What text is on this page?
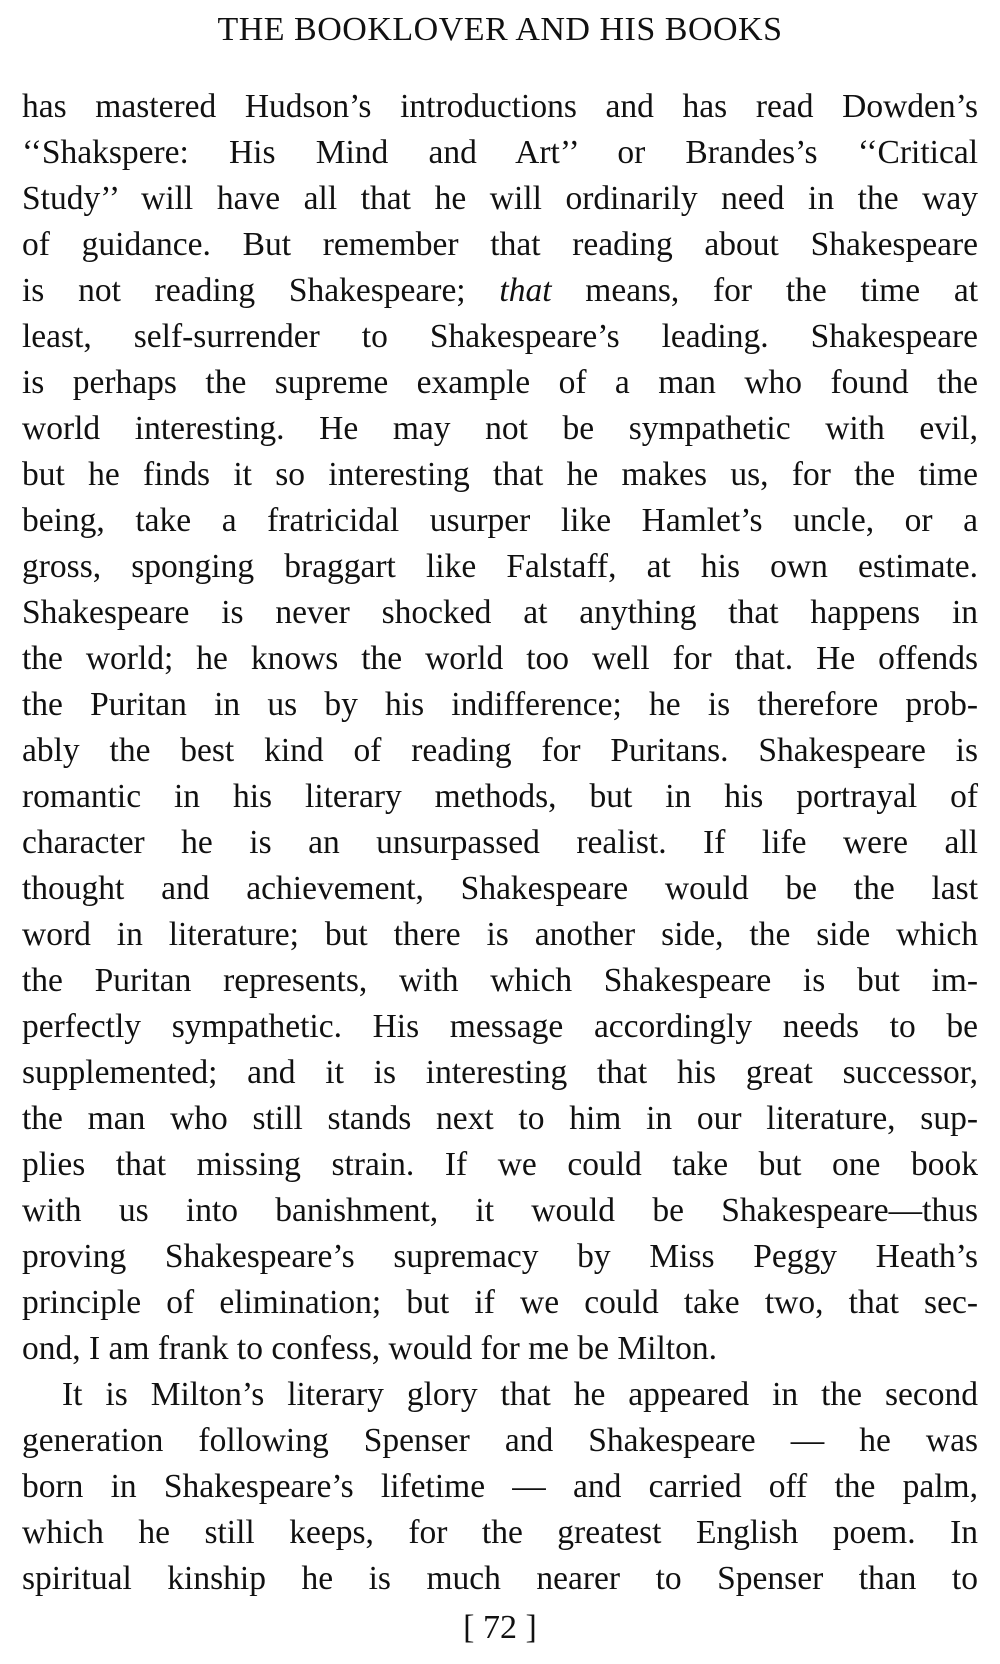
THE BOOKLOVER AND HIS BOOKS
has mastered Hudson’s introductions and has read Dowden’s
‘‘Shakspere: His Mind and Art’’ or Brandes’s ‘‘Critical
Study’’ will have all that he will ordinarily need in the way
of guidance. But remember that reading about Shakespeare
is not reading Shakespeare; that means, for the time at
least, self-surrender to Shakespeare’s leading. Shakespeare
is perhaps the supreme example of a man who found the
world interesting. He may not be sympathetic with evil,
but he finds it so interesting that he makes us, for the time
being, take a fratricidal usurper like Hamlet’s uncle, or a
gross, sponging braggart like Falstaff, at his own estimate.
Shakespeare is never shocked at anything that happens in
the world; he knows the world too well for that. He offends
the Puritan in us by his indifference; he is therefore prob-
ably the best kind of reading for Puritans. Shakespeare is
romantic in his literary methods, but in his portrayal of
character he is an unsurpassed realist. If life were all
thought and achievement, Shakespeare would be the last
word in literature; but there is another side, the side which
the Puritan represents, with which Shakespeare is but im-
perfectly sympathetic. His message accordingly needs to be
supplemented; and it is interesting that his great successor,
the man who still stands next to him in our literature, sup-
plies that missing strain. If we could take but one book
with us into banishment, it would be Shakespeare—thus
proving Shakespeare’s supremacy by Miss Peggy Heath’s
principle of elimination; but if we could take two, that sec-
ond, I am frank to confess, would for me be Milton.
It is Milton’s literary glory that he appeared in the second
generation following Spenser and Shakespeare — he was
born in Shakespeare’s lifetime — and carried off the palm,
which he still keeps, for the greatest English poem. In
spiritual kinship he is much nearer to Spenser than to
[ 72 ]
